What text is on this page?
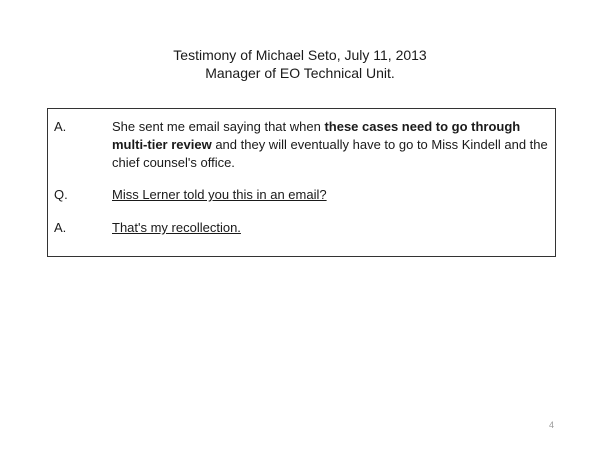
Testimony of Michael Seto, July 11, 2013
Manager of EO Technical Unit.
A.	She sent me email saying that when these cases need to go through multi-tier review and they will eventually have to go to Miss Kindell and the chief counsel's office.
Q.	Miss Lerner told you this in an email?
A.	That's my recollection.
4
